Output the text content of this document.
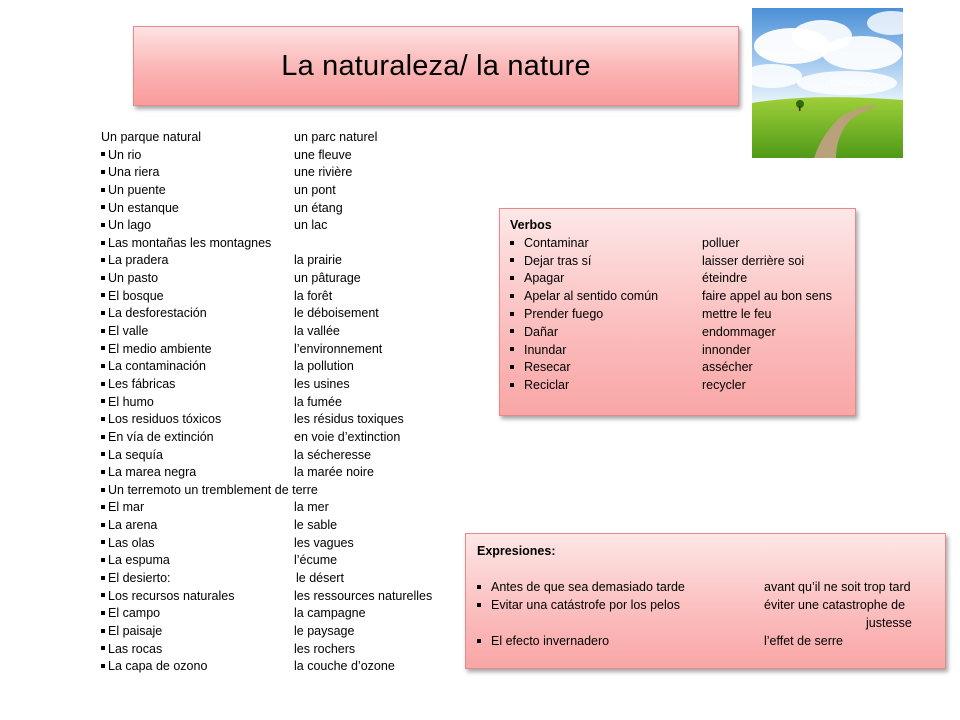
La naturaleza/ la nature
thinkstock
Un parque natural	un parc naturel
Un rio	une fleuve
Una riera	une rivière
Un puente	un pont
Un estanque	un étang
Un lago	un lac
Las montañas les montagnes
La pradera	la prairie
Un pasto	un pâturage
El bosque	la forêt
La desforestación	le déboisement
El valle	la vallée
El medio ambiente	l’environnement
La contaminación	la pollution
Les fábricas	les usines
El humo	la fumée
Los residuos tóxicos	les résidus toxiques
En vía de extinción	en voie d’extinction
La sequía	la sécheresse
La marea negra	la marée noire
Un terremoto un tremblement de terre
El mar	la mer
La arena	le sable
Las olas	les vagues
La espuma	l’écume
El desierto:	le désert
Los recursos naturales	les ressources naturelles
El campo	la campagne
El paisaje	le paysage
Las rocas	les rochers
La capa de ozono	la couche d’ozone
Verbos
Contaminar	polluer
Dejar tras sí	laisser derrière soi
Apagar	éteindre
Apelar al sentido común	faire appel au bon sens
Prender fuego	mettre le feu
Dañar	endommager
Inundar	innonder
Resecar	assécher
Reciclar	recycler
Expresiones:
Antes de que sea demasiado tarde	avant qu’il ne soit trop tard
Evitar una catástrofe por los pelos	éviter une catastrophe de
justesse
El efecto invernadero	l’effet de serre
